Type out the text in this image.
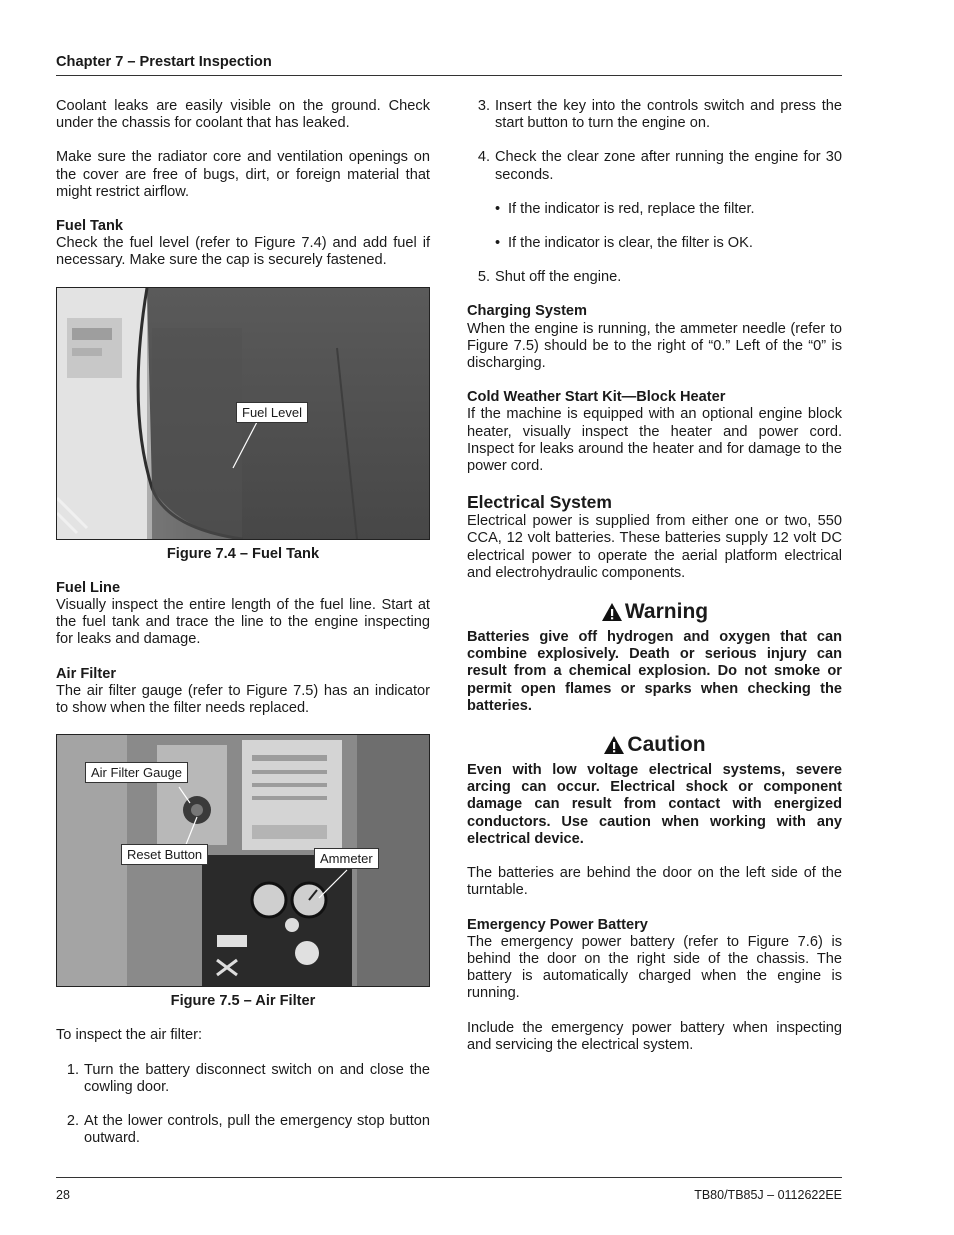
Chapter 7 – Prestart Inspection

Coolant leaks are easily visible on the ground. Check under the chassis for coolant that has leaked.

Make sure the radiator core and ventilation openings on the cover are free of bugs, dirt, or foreign material that might restrict airflow.

Fuel Tank

Check the fuel level (refer to Figure 7.4) and add fuel if necessary. Make sure the cap is securely fastened.

Fuel Level
Figure 7.4 – Fuel Tank
Fuel Line

Visually inspect the entire length of the fuel line. Start at the fuel tank and trace the line to the engine inspecting for leaks and damage.

Air Filter

The air filter gauge (refer to Figure 7.5) has an indicator to show when the filter needs replaced.

Air Filter Gauge
Reset Button	Ammeter
Figure 7.5 – Air Filter

To inspect the air filter:

1. Turn the battery disconnect switch on and close the cowling door.
2. At the lower controls, pull the emergency stop button outward.
3. Insert the key into the controls switch and press the start button to turn the engine on.
4. Check the clear zone after running the engine for 30 seconds.
• If the indicator is red, replace the filter.
• If the indicator is clear, the filter is OK.
5. Shut off the engine.
Charging System

When the engine is running, the ammeter needle (refer to Figure 7.5) should be to the right of “0.” Left of the “0” is discharging.

Cold Weather Start Kit—Block Heater

If the machine is equipped with an optional engine block heater, visually inspect the heater and power cord. Inspect for leaks around the heater and for damage to the power cord.

Electrical System

Electrical power is supplied from either one or two, 550 CCA, 12 volt batteries. These batteries supply 12 volt DC electrical power to operate the aerial platform electrical and electrohydraulic components.

Warning

Batteries give off hydrogen and oxygen that can combine explosively. Death or serious injury can result from a chemical explosion. Do not smoke or permit open flames or sparks when checking the batteries.

Caution

Even with low voltage electrical systems, severe arcing can occur. Electrical shock or component damage can result from contact with energized conductors. Use caution when working with any electrical device.

The batteries are behind the door on the left side of the turntable.

Emergency Power Battery

The emergency power battery (refer to Figure 7.6) is behind the door on the right side of the chassis. The battery is automatically charged when the engine is running.

Include the emergency power battery when inspecting and servicing the electrical system.

28	TB80/TB85J – 0112622EE
